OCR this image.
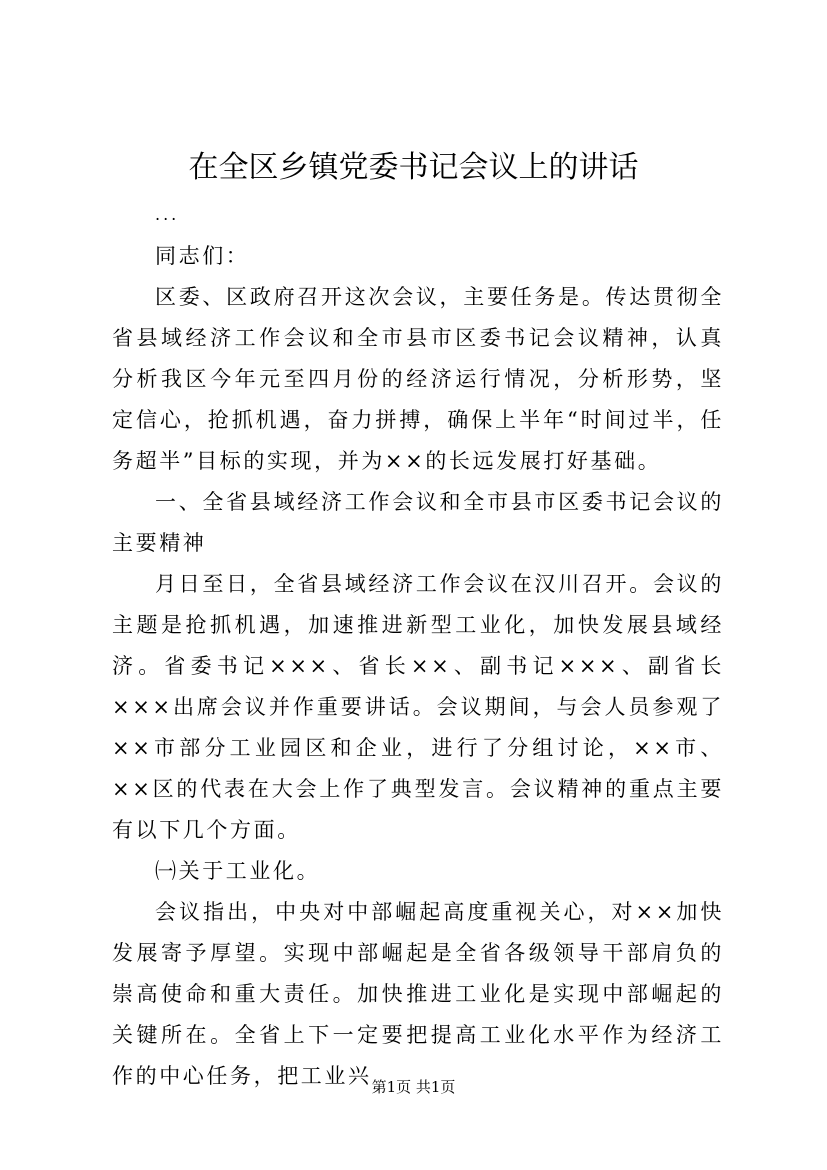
在全区乡镇党委书记会议上的讲话
...

同志们：

区委、区政府召开这次会议，主要任务是。传达贯彻全省县域经济工作会议和全市县市区委书记会议精神，认真分析我区今年元至四月份的经济运行情况，分析形势，坚定信心，抢抓机遇，奋力拼搏，确保上半年“时间过半，任务超半”目标的实现，并为××的长远发展打好基础。

一、全省县域经济工作会议和全市县市区委书记会议的主要精神

月日至日，全省县域经济工作会议在汉川召开。会议的主题是抢抓机遇，加速推进新型工业化，加快发展县域经济。省委书记×××、省长××、副书记×××、副省长×××出席会议并作重要讲话。会议期间，与会人员参观了××市部分工业园区和企业，进行了分组讨论，××市、××区的代表在大会上作了典型发言。会议精神的重点主要有以下几个方面。

㈠关于工业化。

会议指出，中央对中部崛起高度重视关心，对××加快发展寄予厚望。实现中部崛起是全省各级领导干部肩负的崇高使命和重大责任。加快推进工业化是实现中部崛起的关键所在。全省上下一定要把提高工业化水平作为经济工作的中心任务，把工业兴 第1页 共1页
